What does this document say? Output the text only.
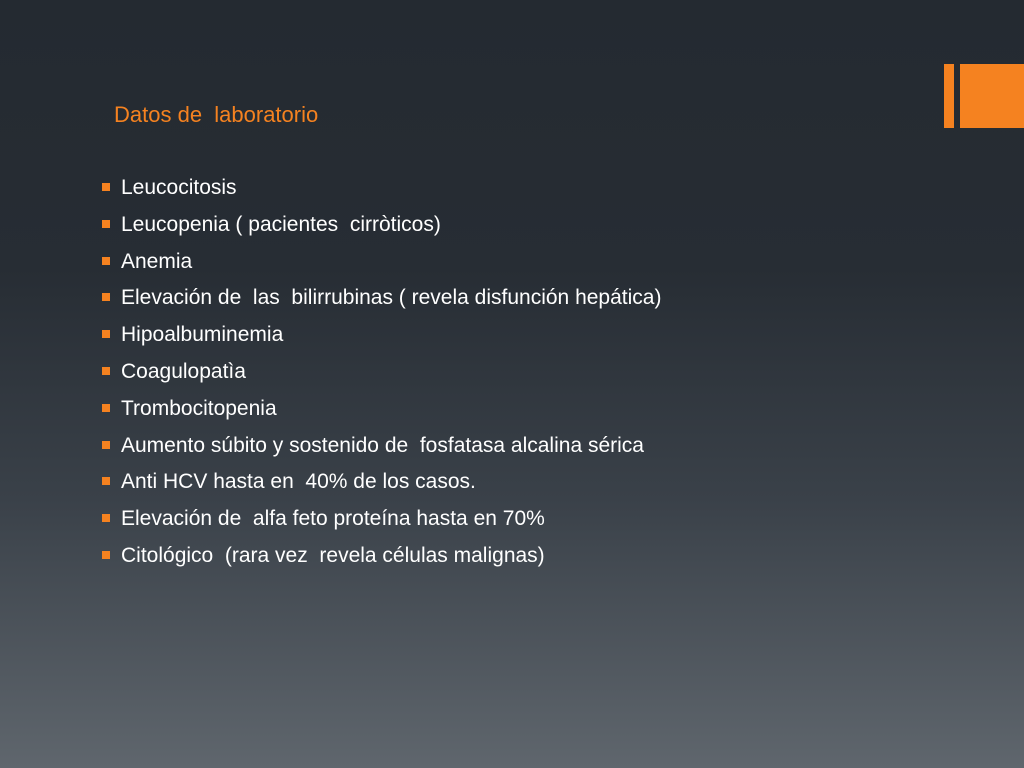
Datos de  laboratorio
Leucocitosis
Leucopenia ( pacientes  cirròticos)
Anemia
Elevación de  las  bilirrubinas ( revela disfunción hepática)
Hipoalbuminemia
Coagulopatìa
Trombocitopenia
Aumento súbito y sostenido de  fosfatasa alcalina sérica
Anti HCV hasta en  40% de los casos.
Elevación de  alfa feto proteína hasta en 70%
Citológico  (rara vez  revela células malignas)
